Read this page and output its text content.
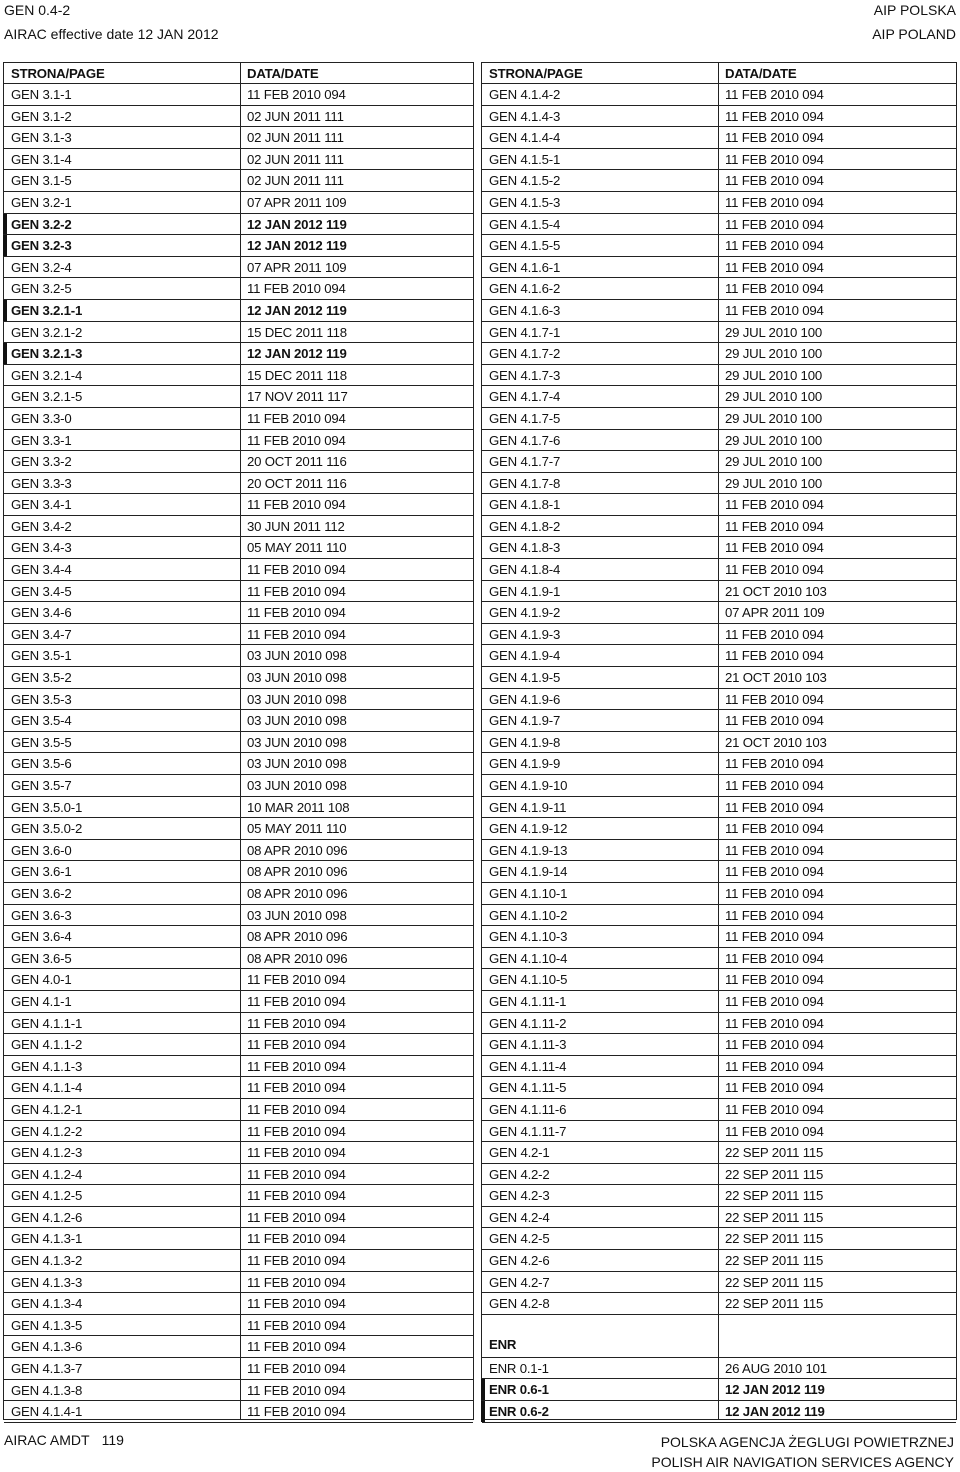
GEN 0.4-2
AIRAC effective date 12 JAN 2012
AIP POLSKA
AIP POLAND
STRONA/PAGE	DATA/DATE
GEN 3.1-1	11 FEB 2010 094
GEN 3.1-2	02 JUN 2011 111
GEN 3.1-3	02 JUN 2011 111
GEN 3.1-4	02 JUN 2011 111
GEN 3.1-5	02 JUN 2011 111
GEN 3.2-1	07 APR 2011 109
GEN 3.2-2	12 JAN 2012 119
GEN 3.2-3	12 JAN 2012 119
GEN 3.2-4	07 APR 2011 109
GEN 3.2-5	11 FEB 2010 094
GEN 3.2.1-1	12 JAN 2012 119
GEN 3.2.1-2	15 DEC 2011 118
GEN 3.2.1-3	12 JAN 2012 119
GEN 3.2.1-4	15 DEC 2011 118
GEN 3.2.1-5	17 NOV 2011 117
GEN 3.3-0	11 FEB 2010 094
GEN 3.3-1	11 FEB 2010 094
GEN 3.3-2	20 OCT 2011 116
GEN 3.3-3	20 OCT 2011 116
GEN 3.4-1	11 FEB 2010 094
GEN 3.4-2	30 JUN 2011 112
GEN 3.4-3	05 MAY 2011 110
GEN 3.4-4	11 FEB 2010 094
GEN 3.4-5	11 FEB 2010 094
GEN 3.4-6	11 FEB 2010 094
GEN 3.4-7	11 FEB 2010 094
GEN 3.5-1	03 JUN 2010 098
GEN 3.5-2	03 JUN 2010 098
GEN 3.5-3	03 JUN 2010 098
GEN 3.5-4	03 JUN 2010 098
GEN 3.5-5	03 JUN 2010 098
GEN 3.5-6	03 JUN 2010 098
GEN 3.5-7	03 JUN 2010 098
GEN 3.5.0-1	10 MAR 2011 108
GEN 3.5.0-2	05 MAY 2011 110
GEN 3.6-0	08 APR 2010 096
GEN 3.6-1	08 APR 2010 096
GEN 3.6-2	08 APR 2010 096
GEN 3.6-3	03 JUN 2010 098
GEN 3.6-4	08 APR 2010 096
GEN 3.6-5	08 APR 2010 096
GEN 4.0-1	11 FEB 2010 094
GEN 4.1-1	11 FEB 2010 094
GEN 4.1.1-1	11 FEB 2010 094
GEN 4.1.1-2	11 FEB 2010 094
GEN 4.1.1-3	11 FEB 2010 094
GEN 4.1.1-4	11 FEB 2010 094
GEN 4.1.2-1	11 FEB 2010 094
GEN 4.1.2-2	11 FEB 2010 094
GEN 4.1.2-3	11 FEB 2010 094
GEN 4.1.2-4	11 FEB 2010 094
GEN 4.1.2-5	11 FEB 2010 094
GEN 4.1.2-6	11 FEB 2010 094
GEN 4.1.3-1	11 FEB 2010 094
GEN 4.1.3-2	11 FEB 2010 094
GEN 4.1.3-3	11 FEB 2010 094
GEN 4.1.3-4	11 FEB 2010 094
GEN 4.1.3-5	11 FEB 2010 094
GEN 4.1.3-6	11 FEB 2010 094
GEN 4.1.3-7	11 FEB 2010 094
GEN 4.1.3-8	11 FEB 2010 094
GEN 4.1.4-1	11 FEB 2010 094
STRONA/PAGE	DATA/DATE
GEN 4.1.4-2	11 FEB 2010 094
GEN 4.1.4-3	11 FEB 2010 094
GEN 4.1.4-4	11 FEB 2010 094
GEN 4.1.5-1	11 FEB 2010 094
GEN 4.1.5-2	11 FEB 2010 094
GEN 4.1.5-3	11 FEB 2010 094
GEN 4.1.5-4	11 FEB 2010 094
GEN 4.1.5-5	11 FEB 2010 094
GEN 4.1.6-1	11 FEB 2010 094
GEN 4.1.6-2	11 FEB 2010 094
GEN 4.1.6-3	11 FEB 2010 094
GEN 4.1.7-1	29 JUL 2010 100
GEN 4.1.7-2	29 JUL 2010 100
GEN 4.1.7-3	29 JUL 2010 100
GEN 4.1.7-4	29 JUL 2010 100
GEN 4.1.7-5	29 JUL 2010 100
GEN 4.1.7-6	29 JUL 2010 100
GEN 4.1.7-7	29 JUL 2010 100
GEN 4.1.7-8	29 JUL 2010 100
GEN 4.1.8-1	11 FEB 2010 094
GEN 4.1.8-2	11 FEB 2010 094
GEN 4.1.8-3	11 FEB 2010 094
GEN 4.1.8-4	11 FEB 2010 094
GEN 4.1.9-1	21 OCT 2010 103
GEN 4.1.9-2	07 APR 2011 109
GEN 4.1.9-3	11 FEB 2010 094
GEN 4.1.9-4	11 FEB 2010 094
GEN 4.1.9-5	21 OCT 2010 103
GEN 4.1.9-6	11 FEB 2010 094
GEN 4.1.9-7	11 FEB 2010 094
GEN 4.1.9-8	21 OCT 2010 103
GEN 4.1.9-9	11 FEB 2010 094
GEN 4.1.9-10	11 FEB 2010 094
GEN 4.1.9-11	11 FEB 2010 094
GEN 4.1.9-12	11 FEB 2010 094
GEN 4.1.9-13	11 FEB 2010 094
GEN 4.1.9-14	11 FEB 2010 094
GEN 4.1.10-1	11 FEB 2010 094
GEN 4.1.10-2	11 FEB 2010 094
GEN 4.1.10-3	11 FEB 2010 094
GEN 4.1.10-4	11 FEB 2010 094
GEN 4.1.10-5	11 FEB 2010 094
GEN 4.1.11-1	11 FEB 2010 094
GEN 4.1.11-2	11 FEB 2010 094
GEN 4.1.11-3	11 FEB 2010 094
GEN 4.1.11-4	11 FEB 2010 094
GEN 4.1.11-5	11 FEB 2010 094
GEN 4.1.11-6	11 FEB 2010 094
GEN 4.1.11-7	11 FEB 2010 094
GEN 4.2-1	22 SEP 2011 115
GEN 4.2-2	22 SEP 2011 115
GEN 4.2-3	22 SEP 2011 115
GEN 4.2-4	22 SEP 2011 115
GEN 4.2-5	22 SEP 2011 115
GEN 4.2-6	22 SEP 2011 115
GEN 4.2-7	22 SEP 2011 115
GEN 4.2-8	22 SEP 2011 115
ENR
ENR 0.1-1	26 AUG 2010 101
ENR 0.6-1	12 JAN 2012 119
ENR 0.6-2	12 JAN 2012 119
AIRAC AMDT 119	POLSKA AGENCJA ŻEGLUGI POWIETRZNEJ
POLISH AIR NAVIGATION SERVICES AGENCY
